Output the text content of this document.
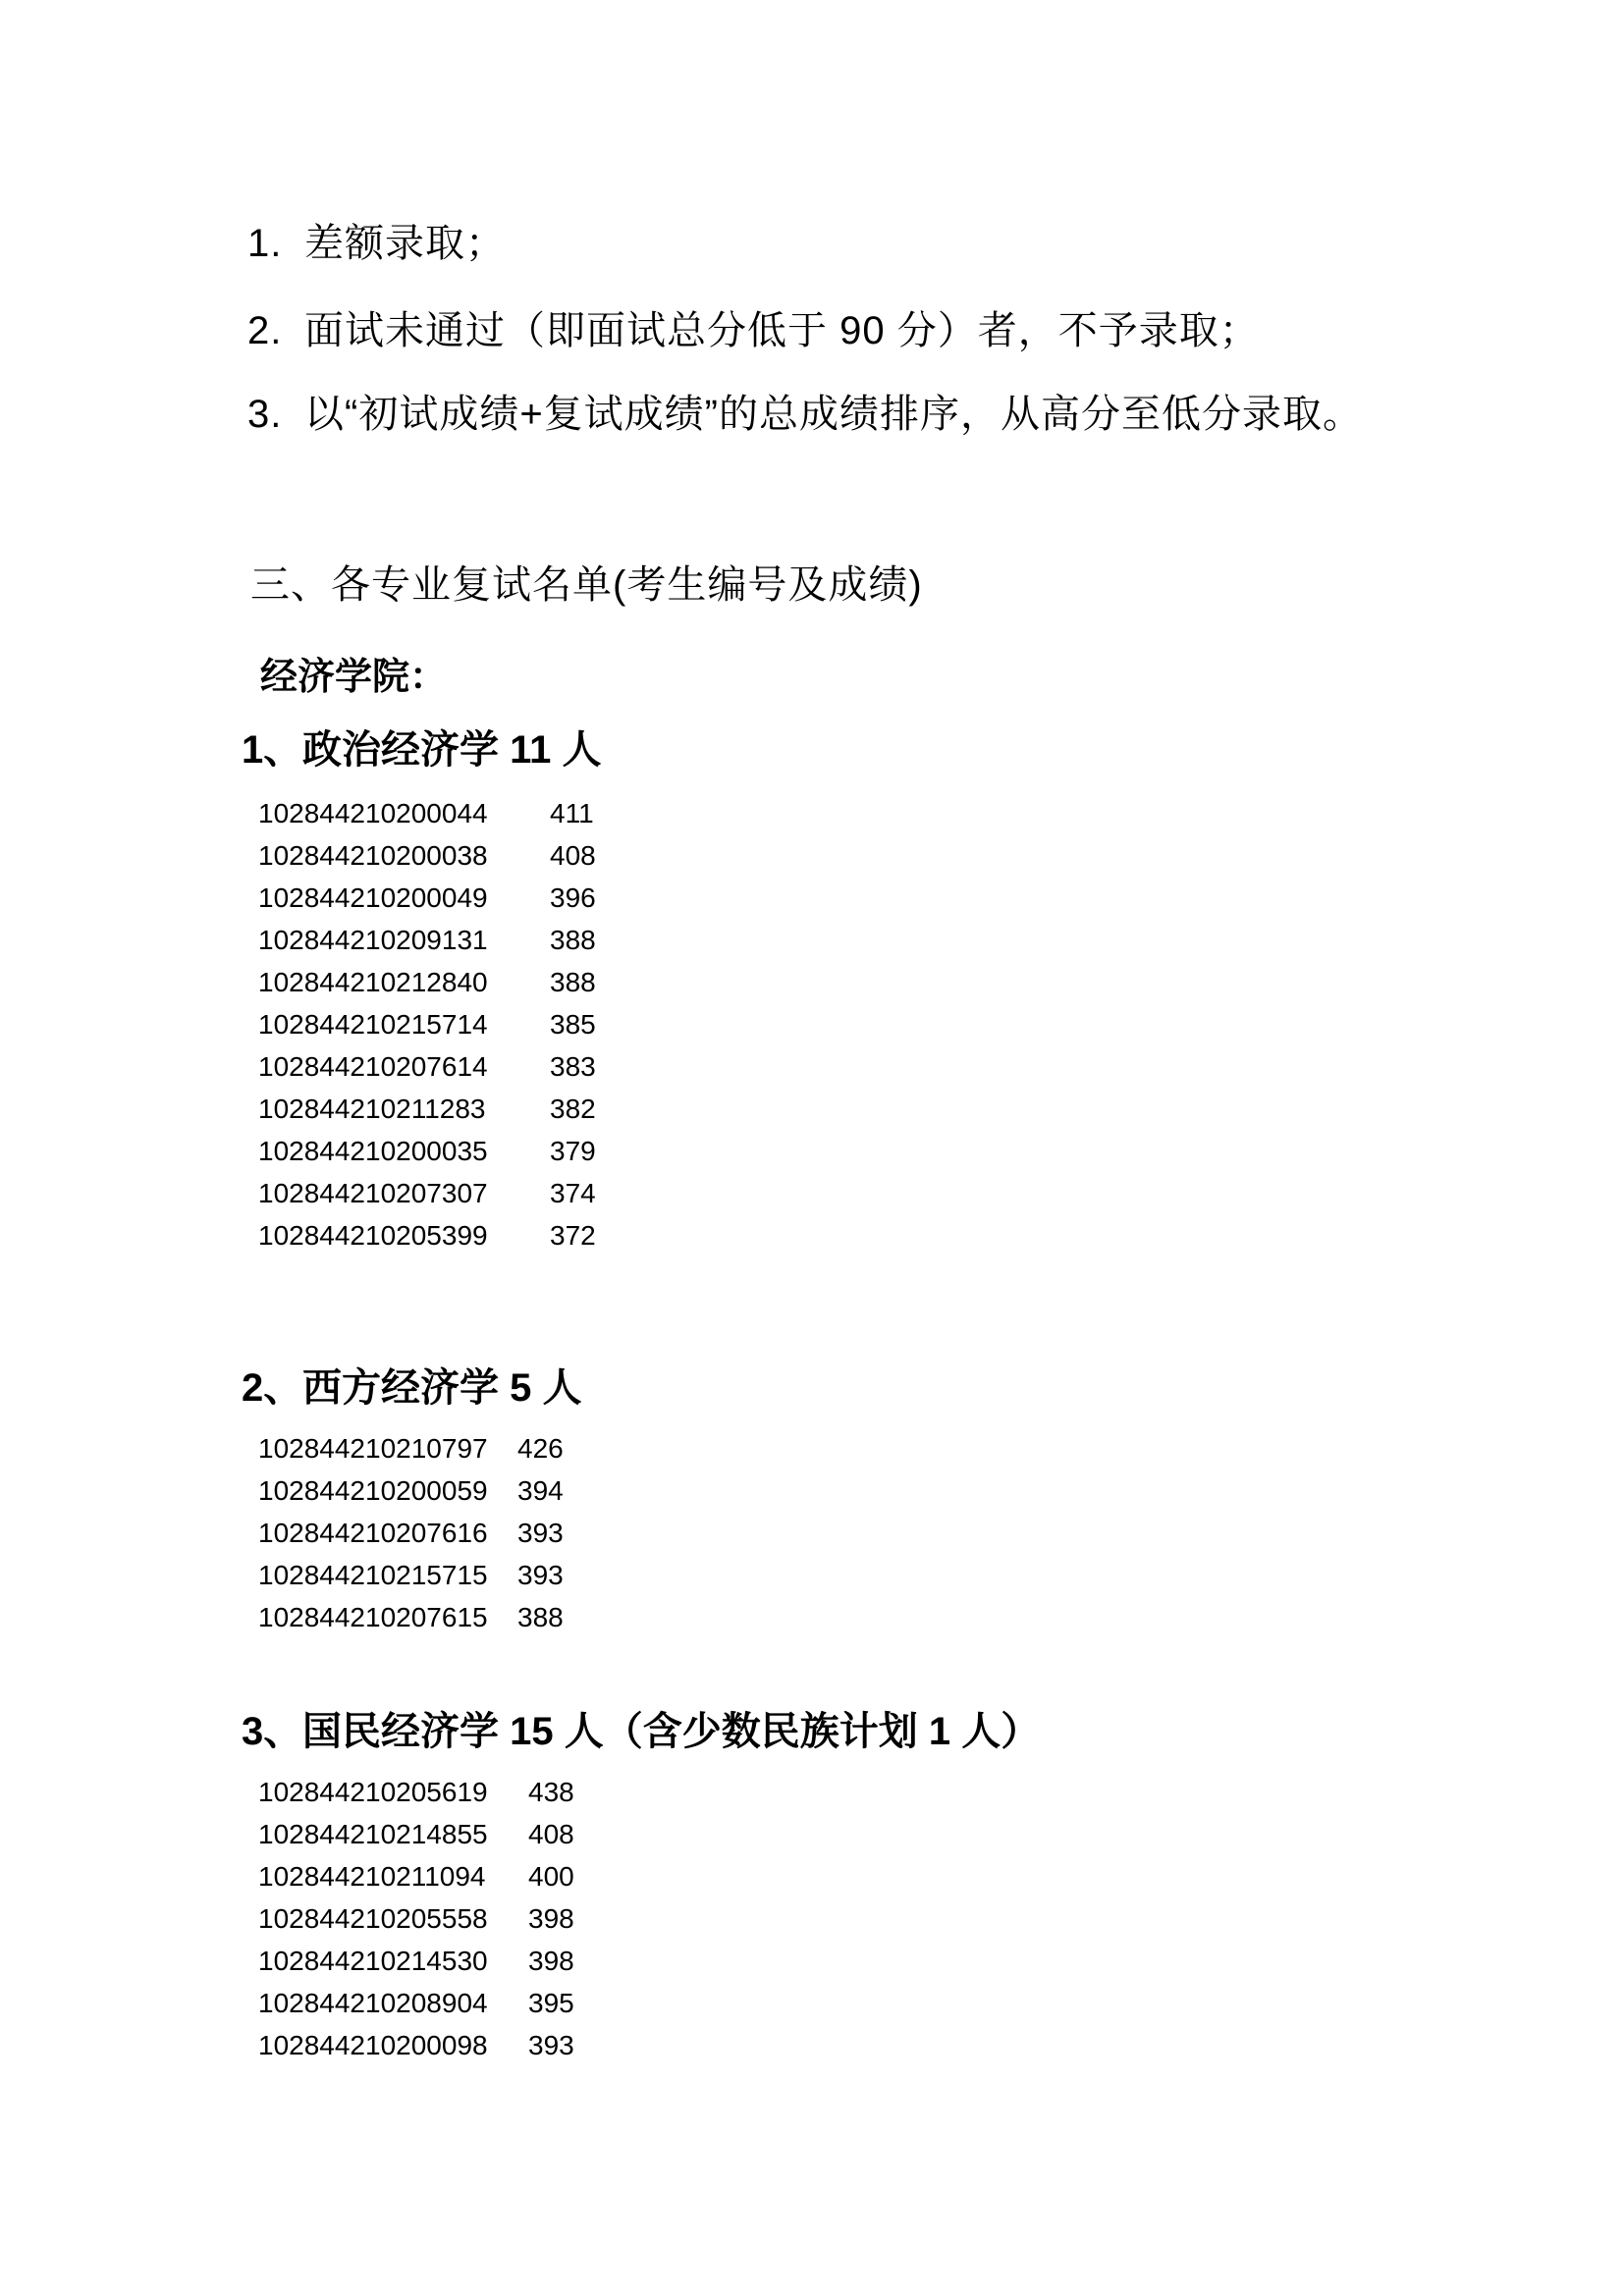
1. 差额录取；
2. 面试未通过（即面试总分低于 90 分）者，不予录取；
3. 以“初试成绩+复试成绩”的总成绩排序，从高分至低分录取。
三、各专业复试名单(考生编号及成绩)
经济学院：
1、政治经济学 11 人
102844210200044 411
102844210200038 408
102844210200049 396
102844210209131 388
102844210212840 388
102844210215714 385
102844210207614 383
102844210211283 382
102844210200035 379
102844210207307 374
102844210205399 372
2、西方经济学 5 人
102844210210797 426
102844210200059 394
102844210207616 393
102844210215715 393
102844210207615 388
3、国民经济学 15 人（含少数民族计划 1 人）
102844210205619 438
102844210214855 408
102844210211094 400
102844210205558 398
102844210214530 398
102844210208904 395
102844210200098 393
